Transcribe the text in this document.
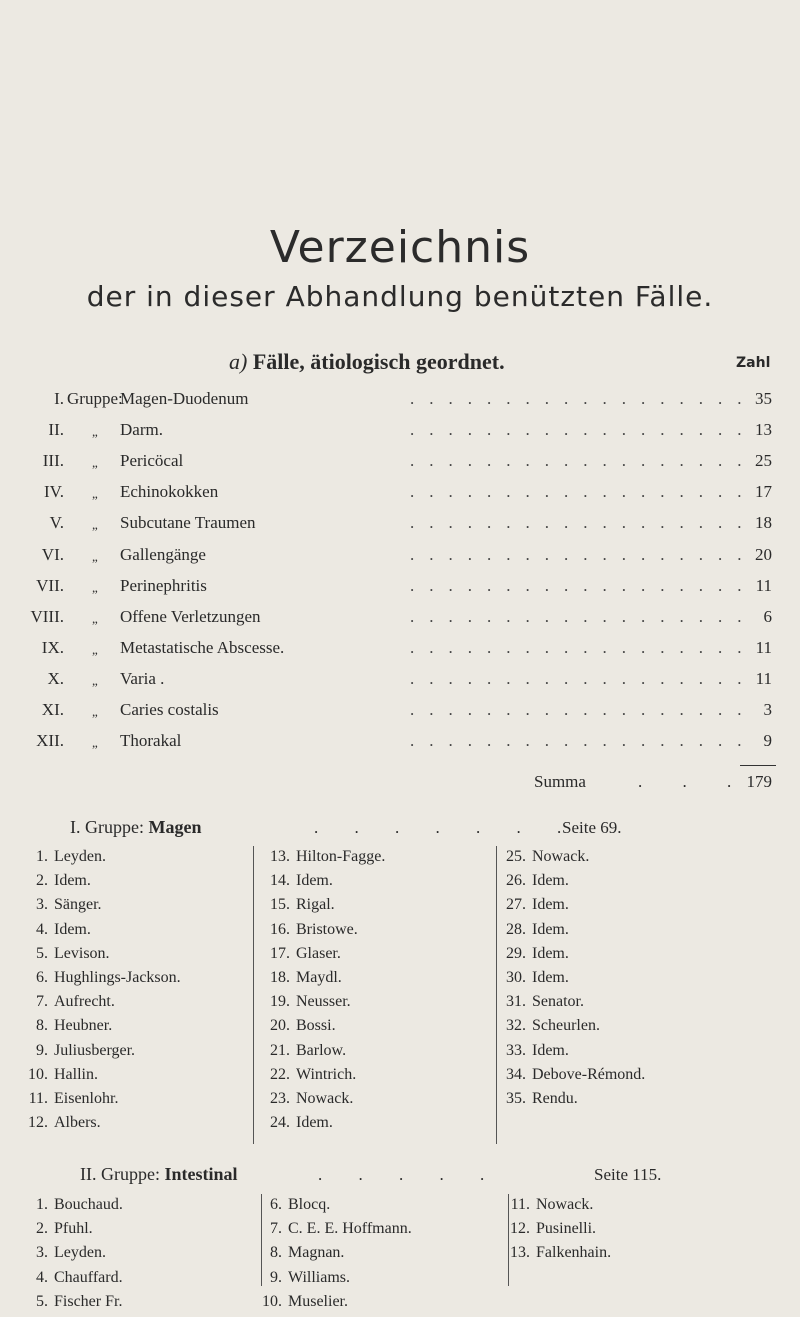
Verzeichnis
der in dieser Abhandlung benützten Fälle.
a) Fälle, ätiologisch geordnet.	Zahl
I. Gruppe:
Magen-Duodenum	35
..................
II. „ Darm.	13
..................
III. „ Pericöcal	25
..................
IV. „ Echinokokken	17
..................
V. „ Subcutane Traumen	18
..................
VI. „ Gallengänge	20
..................
VII. „ Perinephritis	11
..................
VIII. „ Offene Verletzungen	6
..................
IX. „ Metastatische Abscesse.	11
..................
X. „ Varia .	11
..................
XI. „ Caries costalis	3
..................
XII. „ Thorakal	9
..................
Summa	. . .
179
I. Gruppe: Magen	. . . . . . .
Seite 69.
1. Leyden.
2. Idem.
3. Sänger.
4. Idem.
5. Levison.
6. Hughlings-Jackson.
7. Aufrecht.
8. Heubner.
9. Juliusberger.
10. Hallin.
11. Eisenlohr.
12. Albers.
13. Hilton-Fagge.
14. Idem.
15. Rigal.
16. Bristowe.
17. Glaser.
18. Maydl.
19. Neusser.
20. Bossi.
21. Barlow.
22. Wintrich.
23. Nowack.
24. Idem.
25. Nowack.
26. Idem.
27. Idem.
28. Idem.
29. Idem.
30. Idem.
31. Senator.
32. Scheurlen.
33. Idem.
34. Debove-Rémond.
35. Rendu.
II. Gruppe: Intestinal	. . . . .	Seite 115.
1. Bouchaud.
2. Pfuhl.
3. Leyden.
4. Chauffard.
5. Fischer Fr.
6. Blocq.
7. C. E. E. Hoffmann.
8. Magnan.
9. Williams.
10. Muselier.
11. Nowack.
12. Pusinelli.
13. Falkenhain.
